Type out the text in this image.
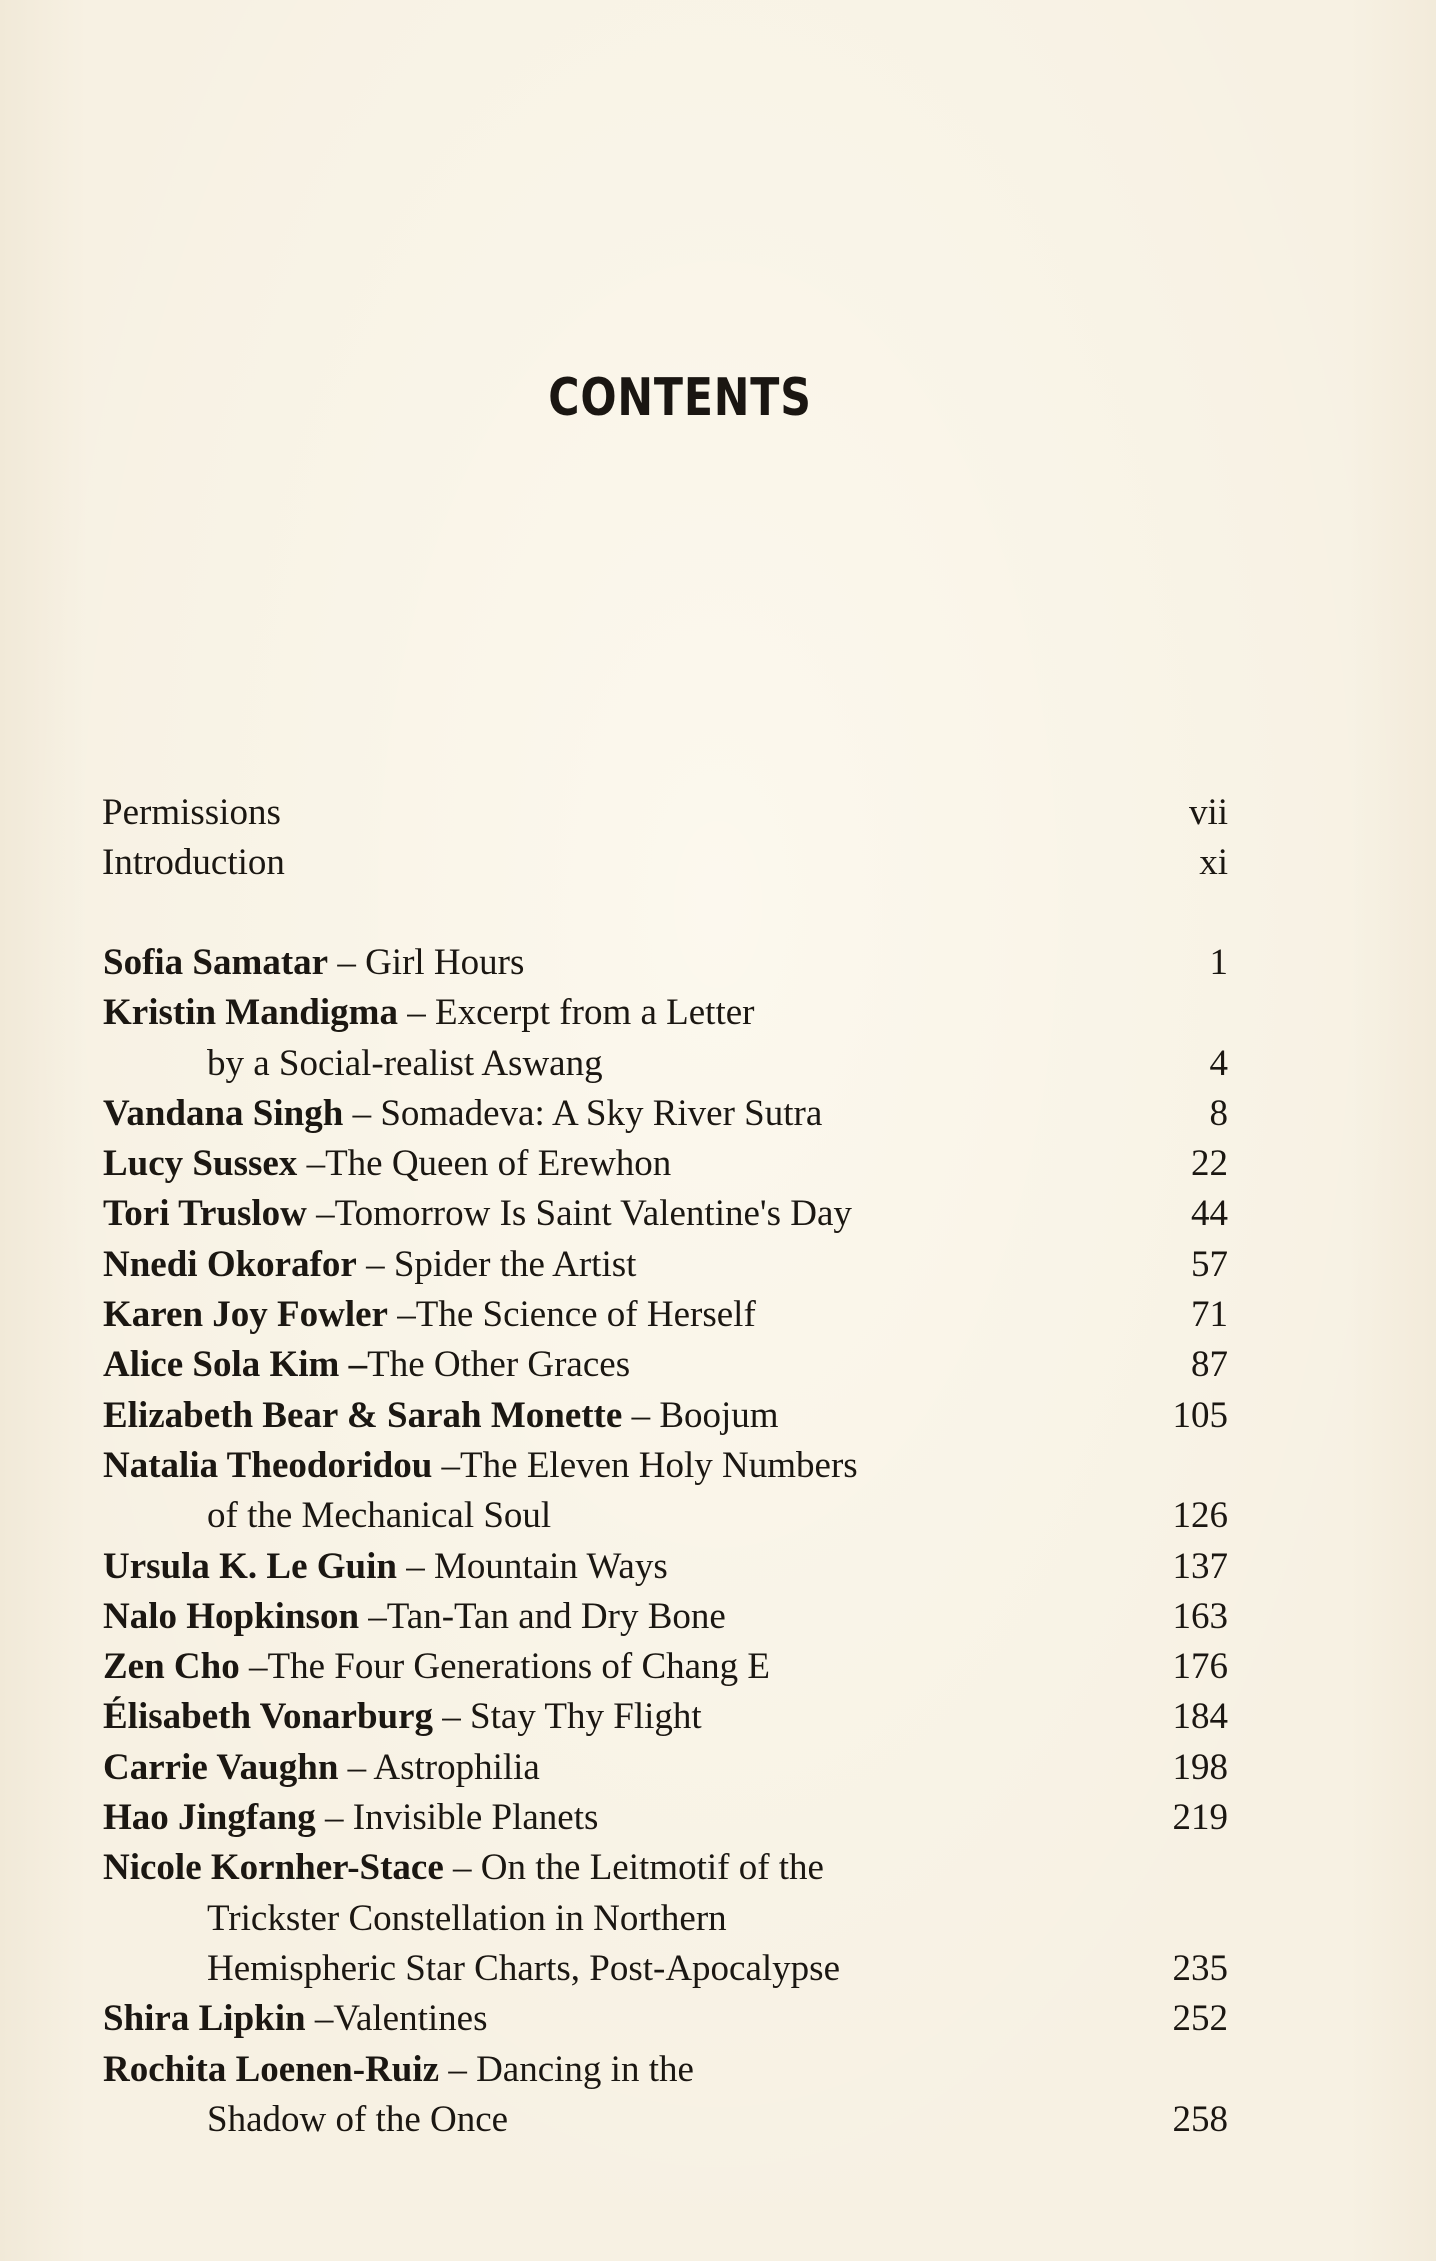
CONTENTS
Permissions	vii
Introduction	xi
Sofia Samatar – Girl Hours	1
Kristin Mandigma – Excerpt from a Letter
by a Social-realist Aswang	4
Vandana Singh – Somadeva: A Sky River Sutra	8
Lucy Sussex –The Queen of Erewhon	22
Tori Truslow –Tomorrow Is Saint Valentine's Day	44
Nnedi Okorafor – Spider the Artist	57
Karen Joy Fowler –The Science of Herself	71
Alice Sola Kim –The Other Graces	87
Elizabeth Bear & Sarah Monette – Boojum	105
Natalia Theodoridou –The Eleven Holy Numbers
of the Mechanical Soul	126
Ursula K. Le Guin – Mountain Ways	137
Nalo Hopkinson –Tan-Tan and Dry Bone	163
Zen Cho –The Four Generations of Chang E	176
Élisabeth Vonarburg – Stay Thy Flight	184
Carrie Vaughn – Astrophilia	198
Hao Jingfang – Invisible Planets	219
Nicole Kornher-Stace – On the Leitmotif of the
Trickster Constellation in Northern
Hemispheric Star Charts, Post-Apocalypse	235
Shira Lipkin –Valentines	252
Rochita Loenen-Ruiz – Dancing in the
Shadow of the Once	258
